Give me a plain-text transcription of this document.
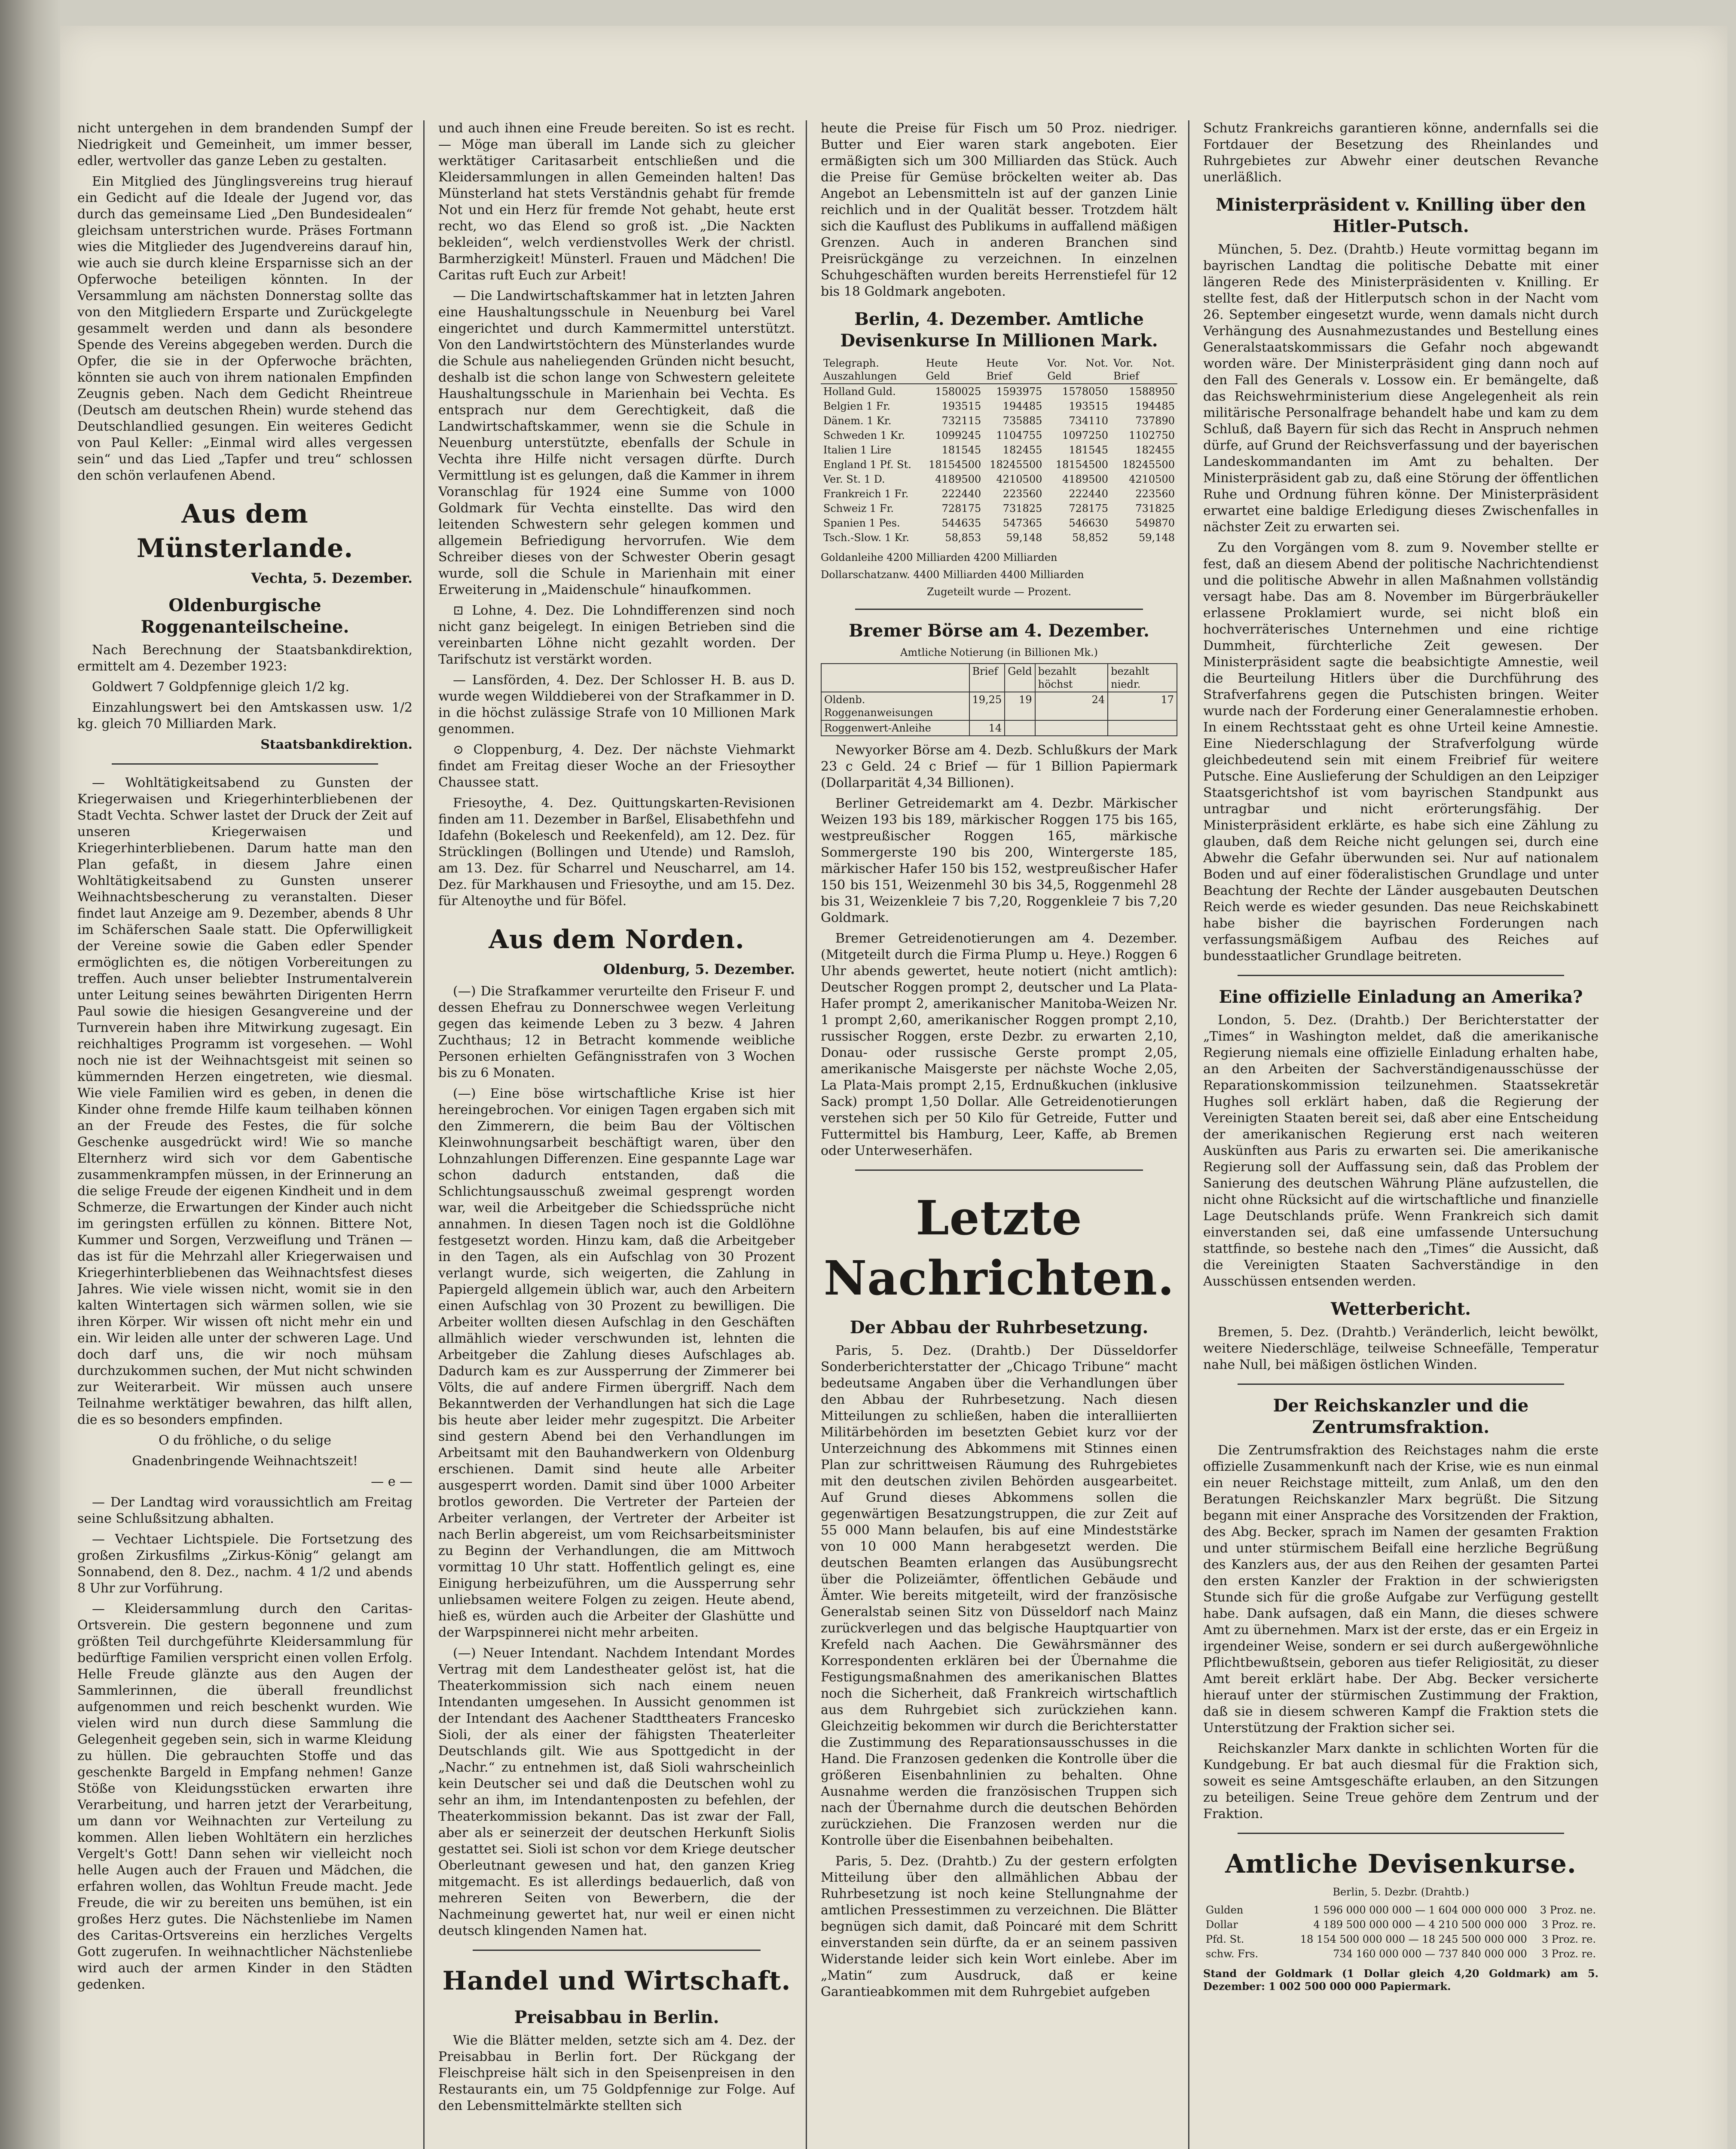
nicht untergehen in dem brandenden Sumpf der Niedrigkeit und Gemeinheit, um immer besser, edler, wertvoller das ganze Leben zu gestalten.

Ein Mitglied des Jünglingsvereins trug hierauf ein Gedicht auf die Ideale der Jugend vor, das durch das gemeinsame Lied „Den Bundesidealen“ gleichsam unterstrichen wurde. Präses Fortmann wies die Mitglieder des Jugendvereins darauf hin, wie auch sie durch kleine Ersparnisse sich an der Opferwoche beteiligen könnten. In der Versammlung am nächsten Donnerstag sollte das von den Mitgliedern Ersparte und Zurückgelegte gesammelt werden und dann als besondere Spende des Vereins abgegeben werden. Durch die Opfer, die sie in der Opferwoche brächten, könnten sie auch von ihrem nationalen Empfinden Zeugnis geben. Nach dem Gedicht Rheintreue (Deutsch am deutschen Rhein) wurde stehend das Deutschlandlied gesungen. Ein weiteres Gedicht von Paul Keller: „Einmal wird alles vergessen sein“ und das Lied „Tapfer und treu“ schlossen den schön verlaufenen Abend.

Aus dem Münsterlande.
Vechta, 5. Dezember.
Oldenburgische Roggenanteilscheine.

Nach Berechnung der Staatsbankdirektion, ermittelt am 4. Dezember 1923:

Goldwert 7 Goldpfennige gleich 1/2 kg.

Einzahlungswert bei den Amtskassen usw. 1/2 kg. gleich 70 Milliarden Mark.

Staatsbankdirektion.

— Wohltätigkeitsabend zu Gunsten der Kriegerwaisen und Kriegerhinterbliebenen der Stadt Vechta. Schwer lastet der Druck der Zeit auf unseren Kriegerwaisen und Kriegerhinterbliebenen. Darum hatte man den Plan gefaßt, in diesem Jahre einen Wohltätigkeitsabend zu Gunsten unserer Weihnachtsbescherung zu veranstalten. Dieser findet laut Anzeige am 9. Dezember, abends 8 Uhr im Schäferschen Saale statt. Die Opferwilligkeit der Vereine sowie die Gaben edler Spender ermöglichten es, die nötigen Vorbereitungen zu treffen. Auch unser beliebter Instrumentalverein unter Leitung seines bewährten Dirigenten Herrn Paul sowie die hiesigen Gesangvereine und der Turnverein haben ihre Mitwirkung zugesagt. Ein reichhaltiges Programm ist vorgesehen. — Wohl noch nie ist der Weihnachtsgeist mit seinen so kümmernden Herzen eingetreten, wie diesmal. Wie viele Familien wird es geben, in denen die Kinder ohne fremde Hilfe kaum teilhaben können an der Freude des Festes, die für solche Geschenke ausgedrückt wird! Wie so manche Elternherz wird sich vor dem Gabentische zusammenkrampfen müssen, in der Erinnerung an die selige Freude der eigenen Kindheit und in dem Schmerze, die Erwartungen der Kinder auch nicht im geringsten erfüllen zu können. Bittere Not, Kummer und Sorgen, Verzweiflung und Tränen — das ist für die Mehrzahl aller Kriegerwaisen und Kriegerhinterbliebenen das Weihnachtsfest dieses Jahres. Wie viele wissen nicht, womit sie in den kalten Wintertagen sich wärmen sollen, wie sie ihren Körper. Wir wissen oft nicht mehr ein und ein. Wir leiden alle unter der schweren Lage. Und doch darf uns, die wir noch mühsam durchzukommen suchen, der Mut nicht schwinden zur Weiterarbeit. Wir müssen auch unsere Teilnahme werktätiger bewahren, das hilft allen, die es so besonders empfinden.

O du fröhliche, o du selige

Gnadenbringende Weihnachtszeit!

— e —

— Der Landtag wird voraussichtlich am Freitag seine Schlußsitzung abhalten.

— Vechtaer Lichtspiele. Die Fortsetzung des großen Zirkusfilms „Zirkus-König“ gelangt am Sonnabend, den 8. Dez., nachm. 4 1/2 und abends 8 Uhr zur Vorführung.

— Kleidersammlung durch den Caritas-Ortsverein. Die gestern begonnene und zum größten Teil durchgeführte Kleidersammlung für bedürftige Familien verspricht einen vollen Erfolg. Helle Freude glänzte aus den Augen der Sammlerinnen, die überall freundlichst aufgenommen und reich beschenkt wurden. Wie vielen wird nun durch diese Sammlung die Gelegenheit gegeben sein, sich in warme Kleidung zu hüllen. Die gebrauchten Stoffe und das geschenkte Bargeld in Empfang nehmen! Ganze Stöße von Kleidungsstücken erwarten ihre Verarbeitung, und harren jetzt der Verarbeitung, um dann vor Weihnachten zur Verteilung zu kommen. Allen lieben Wohltätern ein herzliches Vergelt's Gott! Dann sehen wir vielleicht noch helle Augen auch der Frauen und Mädchen, die erfahren wollen, das Wohltun Freude macht. Jede Freude, die wir zu bereiten uns bemühen, ist ein großes Herz gutes. Die Nächstenliebe im Namen des Caritas-Ortsvereins ein herzliches Vergelts Gott zugerufen. In weihnachtlicher Nächstenliebe wird auch der armen Kinder in den Städten gedenken.

und auch ihnen eine Freude bereiten. So ist es recht. — Möge man überall im Lande sich zu gleicher werktätiger Caritasarbeit entschließen und die Kleidersammlungen in allen Gemeinden halten! Das Münsterland hat stets Verständnis gehabt für fremde Not und ein Herz für fremde Not gehabt, heute erst recht, wo das Elend so groß ist. „Die Nackten bekleiden“, welch verdienstvolles Werk der christl. Barmherzigkeit! Münsterl. Frauen und Mädchen! Die Caritas ruft Euch zur Arbeit!

— Die Landwirtschaftskammer hat in letzten Jahren eine Haushaltungsschule in Neuenburg bei Varel eingerichtet und durch Kammermittel unterstützt. Von den Landwirtstöchtern des Münsterlandes wurde die Schule aus naheliegenden Gründen nicht besucht, deshalb ist die schon lange von Schwestern geleitete Haushaltungsschule in Marienhain bei Vechta. Es entsprach nur dem Gerechtigkeit, daß die Landwirtschaftskammer, wenn sie die Schule in Neuenburg unterstützte, ebenfalls der Schule in Vechta ihre Hilfe nicht versagen dürfte. Durch Vermittlung ist es gelungen, daß die Kammer in ihrem Voranschlag für 1924 eine Summe von 1000 Goldmark für Vechta einstellte. Das wird den leitenden Schwestern sehr gelegen kommen und allgemein Befriedigung hervorrufen. Wie dem Schreiber dieses von der Schwester Oberin gesagt wurde, soll die Schule in Marienhain mit einer Erweiterung in „Maidenschule“ hinaufkommen.

⊡ Lohne, 4. Dez. Die Lohndifferenzen sind noch nicht ganz beigelegt. In einigen Betrieben sind die vereinbarten Löhne nicht gezahlt worden. Der Tarifschutz ist verstärkt worden.

— Lansförden, 4. Dez. Der Schlosser H. B. aus D. wurde wegen Wilddieberei von der Strafkammer in D. in die höchst zulässige Strafe von 10 Millionen Mark genommen.

⊙ Cloppenburg, 4. Dez. Der nächste Viehmarkt findet am Freitag dieser Woche an der Friesoyther Chaussee statt.

Friesoythe, 4. Dez. Quittungskarten-Revisionen finden am 11. Dezember in Barßel, Elisabethfehn und Idafehn (Bokelesch und Reekenfeld), am 12. Dez. für Strücklingen (Bollingen und Utende) und Ramsloh, am 13. Dez. für Scharrel und Neuscharrel, am 14. Dez. für Markhausen und Friesoythe, und am 15. Dez. für Altenoythe und für Böfel.

Aus dem Norden.
Oldenburg, 5. Dezember.

(—) Die Strafkammer verurteilte den Friseur F. und dessen Ehefrau zu Donnerschwee wegen Verleitung gegen das keimende Leben zu 3 bezw. 4 Jahren Zuchthaus; 12 in Betracht kommende weibliche Personen erhielten Gefängnisstrafen von 3 Wochen bis zu 6 Monaten.

(—) Eine böse wirtschaftliche Krise ist hier hereingebrochen. Vor einigen Tagen ergaben sich mit den Zimmerern, die beim Bau der Völtischen Kleinwohnungsarbeit beschäftigt waren, über den Lohnzahlungen Differenzen. Eine gespannte Lage war schon dadurch entstanden, daß die Schlichtungsausschuß zweimal gesprengt worden war, weil die Arbeitgeber die Schiedssprüche nicht annahmen. In diesen Tagen noch ist die Goldlöhne festgesetzt worden. Hinzu kam, daß die Arbeitgeber in den Tagen, als ein Aufschlag von 30 Prozent verlangt wurde, sich weigerten, die Zahlung in Papiergeld allgemein üblich war, auch den Arbeitern einen Aufschlag von 30 Prozent zu bewilligen. Die Arbeiter wollten diesen Aufschlag in den Geschäften allmählich wieder verschwunden ist, lehnten die Arbeitgeber die Zahlung dieses Aufschlages ab. Dadurch kam es zur Aussperrung der Zimmerer bei Völts, die auf andere Firmen übergriff. Nach dem Bekanntwerden der Verhandlungen hat sich die Lage bis heute aber leider mehr zugespitzt. Die Arbeiter sind gestern Abend bei den Verhandlungen im Arbeitsamt mit den Bauhandwerkern von Oldenburg erschienen. Damit sind heute alle Arbeiter ausgesperrt worden. Damit sind über 1000 Arbeiter brotlos geworden. Die Vertreter der Parteien der Arbeiter verlangen, der Vertreter der Arbeiter ist nach Berlin abgereist, um vom Reichsarbeitsminister zu Beginn der Verhandlungen, die am Mittwoch vormittag 10 Uhr statt. Hoffentlich gelingt es, eine Einigung herbeizuführen, um die Aussperrung sehr unliebsamen weitere Folgen zu zeigen. Heute abend, hieß es, würden auch die Arbeiter der Glashütte und der Warpspinnerei nicht mehr arbeiten.

(—) Neuer Intendant. Nachdem Intendant Mordes Vertrag mit dem Landestheater gelöst ist, hat die Theaterkommission sich nach einem neuen Intendanten umgesehen. In Aussicht genommen ist der Intendant des Aachener Stadttheaters Francesko Sioli, der als einer der fähigsten Theaterleiter Deutschlands gilt. Wie aus Spottgedicht in der „Nachr.“ zu entnehmen ist, daß Sioli wahrscheinlich kein Deutscher sei und daß die Deutschen wohl zu sehr an ihm, im Intendantenposten zu befehlen, der Theaterkommission bekannt. Das ist zwar der Fall, aber als er seinerzeit der deutschen Herkunft Siolis gestattet sei. Sioli ist schon vor dem Kriege deutscher Oberleutnant gewesen und hat, den ganzen Krieg mitgemacht. Es ist allerdings bedauerlich, daß von mehreren Seiten von Bewerbern, die der Nachmeinung gewertet hat, nur weil er einen nicht deutsch klingenden Namen hat.

Handel und Wirtschaft.
Preisabbau in Berlin.

Wie die Blätter melden, setzte sich am 4. Dez. der Preisabbau in Berlin fort. Der Rückgang der Fleischpreise hält sich in den Speisenpreisen in den Restaurants ein, um 75 Goldpfennige zur Folge. Auf den Lebensmittelmärkte stellten sich

heute die Preise für Fisch um 50 Proz. niedriger. Butter und Eier waren stark angeboten. Eier ermäßigten sich um 300 Milliarden das Stück. Auch die Preise für Gemüse bröckelten weiter ab. Das Angebot an Lebensmitteln ist auf der ganzen Linie reichlich und in der Qualität besser. Trotzdem hält sich die Kauflust des Publikums in auffallend mäßigen Grenzen. Auch in anderen Branchen sind Preisrückgänge zu verzeichnen. In einzelnen Schuhgeschäften wurden bereits Herrenstiefel für 12 bis 18 Goldmark angeboten.

Berlin, 4. Dezember. Amtliche Devisenkurse In Millionen Mark.
Telegraph. Auszahlungen	Heute Geld	Heute Brief	Vor. Not. Geld	Vor. Not. Brief
Holland Guld.	1580025	1593975	1578050	1588950
Belgien 1 Fr.	193515	194485	193515	194485
Dänem. 1 Kr.	732115	735885	734110	737890
Schweden 1 Kr.	1099245	1104755	1097250	1102750
Italien 1 Lire	181545	182455	181545	182455
England 1 Pf. St.	18154500	18245500	18154500	18245500
Ver. St. 1 D.	4189500	4210500	4189500	4210500
Frankreich 1 Fr.	222440	223560	222440	223560
Schweiz 1 Fr.	728175	731825	728175	731825
Spanien 1 Pes.	544635	547365	546630	549870
Tsch.-Slow. 1 Kr.	58,853	59,148	58,852	59,148

Goldanleihe 4200 Milliarden 4200 Milliarden

Dollarschatzanw. 4400 Milliarden 4400 Milliarden

Zugeteilt wurde — Prozent.

Bremer Börse am 4. Dezember.

Amtliche Notierung (in Billionen Mk.)

	Brief	Geld	bezahlt höchst	bezahlt niedr.
Oldenb. Roggenanweisungen	19,25	19	24	17
Roggenwert-Anleihe	14			

Newyorker Börse am 4. Dezb. Schlußkurs der Mark 23 c Geld. 24 c Brief — für 1 Billion Papiermark (Dollarparität 4,34 Billionen).

Berliner Getreidemarkt am 4. Dezbr. Märkischer Weizen 193 bis 189, märkischer Roggen 175 bis 165, westpreußischer Roggen 165, märkische Sommergerste 190 bis 200, Wintergerste 185, märkischer Hafer 150 bis 152, westpreußischer Hafer 150 bis 151, Weizenmehl 30 bis 34,5, Roggenmehl 28 bis 31, Weizenkleie 7 bis 7,20, Roggenkleie 7 bis 7,20 Goldmark.

Bremer Getreidenotierungen am 4. Dezember. (Mitgeteilt durch die Firma Plump u. Heye.) Roggen 6 Uhr abends gewertet, heute notiert (nicht amtlich): Deutscher Roggen prompt 2, deutscher und La Plata-Hafer prompt 2, amerikanischer Manitoba-Weizen Nr. 1 prompt 2,60, amerikanischer Roggen prompt 2,10, russischer Roggen, erste Dezbr. zu erwarten 2,10, Donau- oder russische Gerste prompt 2,05, amerikanische Maisgerste per nächste Woche 2,05, La Plata-Mais prompt 2,15, Erdnußkuchen (inklusive Sack) prompt 1,50 Dollar. Alle Getreidenotierungen verstehen sich per 50 Kilo für Getreide, Futter und Futtermittel bis Hamburg, Leer, Kaffe, ab Bremen oder Unterweserhäfen.

Letzte Nachrichten.
Der Abbau der Ruhrbesetzung.

Paris, 5. Dez. (Drahtb.) Der Düsseldorfer Sonderberichterstatter der „Chicago Tribune“ macht bedeutsame Angaben über die Verhandlungen über den Abbau der Ruhrbesetzung. Nach diesen Mitteilungen zu schließen, haben die interalliierten Militärbehörden im besetzten Gebiet kurz vor der Unterzeichnung des Abkommens mit Stinnes einen Plan zur schrittweisen Räumung des Ruhrgebietes mit den deutschen zivilen Behörden ausgearbeitet. Auf Grund dieses Abkommens sollen die gegenwärtigen Besatzungstruppen, die zur Zeit auf 55 000 Mann belaufen, bis auf eine Mindeststärke von 10 000 Mann herabgesetzt werden. Die deutschen Beamten erlangen das Ausübungsrecht über die Polizeiämter, öffentlichen Gebäude und Ämter. Wie bereits mitgeteilt, wird der französische Generalstab seinen Sitz von Düsseldorf nach Mainz zurückverlegen und das belgische Hauptquartier von Krefeld nach Aachen. Die Gewährsmänner des Korrespondenten erklären bei der Übernahme die Festigungsmaßnahmen des amerikanischen Blattes noch die Sicherheit, daß Frankreich wirtschaftlich aus dem Ruhrgebiet sich zurückziehen kann. Gleichzeitig bekommen wir durch die Berichterstatter die Zustimmung des Reparationsausschusses in die Hand. Die Franzosen gedenken die Kontrolle über die größeren Eisenbahnlinien zu behalten. Ohne Ausnahme werden die französischen Truppen sich nach der Übernahme durch die deutschen Behörden zurückziehen. Die Franzosen werden nur die Kontrolle über die Eisenbahnen beibehalten.

Paris, 5. Dez. (Drahtb.) Zu der gestern erfolgten Mitteilung über den allmählichen Abbau der Ruhrbesetzung ist noch keine Stellungnahme der amtlichen Pressestimmen zu verzeichnen. Die Blätter begnügen sich damit, daß Poincaré mit dem Schritt einverstanden sein dürfte, da er an seinem passiven Widerstande leider sich kein Wort einlebe. Aber im „Matin“ zum Ausdruck, daß er keine Garantieabkommen mit dem Ruhrgebiet aufgeben

Schutz Frankreichs garantieren könne, andernfalls sei die Fortdauer der Besetzung des Rheinlandes und Ruhrgebietes zur Abwehr einer deutschen Revanche unerläßlich.

Ministerpräsident v. Knilling über den Hitler-Putsch.

München, 5. Dez. (Drahtb.) Heute vormittag begann im bayrischen Landtag die politische Debatte mit einer längeren Rede des Ministerpräsidenten v. Knilling. Er stellte fest, daß der Hitlerputsch schon in der Nacht vom 26. September eingesetzt wurde, wenn damals nicht durch Verhängung des Ausnahmezustandes und Bestellung eines Generalstaatskommissars die Gefahr noch abgewandt worden wäre. Der Ministerpräsident ging dann noch auf den Fall des Generals v. Lossow ein. Er bemängelte, daß das Reichswehrministerium diese Angelegenheit als rein militärische Personalfrage behandelt habe und kam zu dem Schluß, daß Bayern für sich das Recht in Anspruch nehmen dürfe, auf Grund der Reichsverfassung und der bayerischen Landeskommandanten im Amt zu behalten. Der Ministerpräsident gab zu, daß eine Störung der öffentlichen Ruhe und Ordnung führen könne. Der Ministerpräsident erwartet eine baldige Erledigung dieses Zwischenfalles in nächster Zeit zu erwarten sei.

Zu den Vorgängen vom 8. zum 9. November stellte er fest, daß an diesem Abend der politische Nachrichtendienst und die politische Abwehr in allen Maßnahmen vollständig versagt habe. Das am 8. November im Bürgerbräukeller erlassene Proklamiert wurde, sei nicht bloß ein hochverräterisches Unternehmen und eine richtige Dummheit, fürchterliche Zeit gewesen. Der Ministerpräsident sagte die beabsichtigte Amnestie, weil die Beurteilung Hitlers über die Durchführung des Strafverfahrens gegen die Putschisten bringen. Weiter wurde nach der Forderung einer Generalamnestie erhoben. In einem Rechtsstaat geht es ohne Urteil keine Amnestie. Eine Niederschlagung der Strafverfolgung würde gleichbedeutend sein mit einem Freibrief für weitere Putsche. Eine Auslieferung der Schuldigen an den Leipziger Staatsgerichtshof ist vom bayrischen Standpunkt aus untragbar und nicht erörterungsfähig. Der Ministerpräsident erklärte, es habe sich eine Zählung zu glauben, daß dem Reiche nicht gelungen sei, durch eine Abwehr die Gefahr überwunden sei. Nur auf nationalem Boden und auf einer föderalistischen Grundlage und unter Beachtung der Rechte der Länder ausgebauten Deutschen Reich werde es wieder gesunden. Das neue Reichskabinett habe bisher die bayrischen Forderungen nach verfassungsmäßigem Aufbau des Reiches auf bundesstaatlicher Grundlage beitreten.

Eine offizielle Einladung an Amerika?

London, 5. Dez. (Drahtb.) Der Berichterstatter der „Times“ in Washington meldet, daß die amerikanische Regierung niemals eine offizielle Einladung erhalten habe, an den Arbeiten der Sachverständigenausschüsse der Reparationskommission teilzunehmen. Staatssekretär Hughes soll erklärt haben, daß die Regierung der Vereinigten Staaten bereit sei, daß aber eine Entscheidung der amerikanischen Regierung erst nach weiteren Auskünften aus Paris zu erwarten sei. Die amerikanische Regierung soll der Auffassung sein, daß das Problem der Sanierung des deutschen Währung Pläne aufzustellen, die nicht ohne Rücksicht auf die wirtschaftliche und finanzielle Lage Deutschlands prüfe. Wenn Frankreich sich damit einverstanden sei, daß eine umfassende Untersuchung stattfinde, so bestehe nach den „Times“ die Aussicht, daß die Vereinigten Staaten Sachverständige in den Ausschüssen entsenden werden.

Wetterbericht.

Bremen, 5. Dez. (Drahtb.) Veränderlich, leicht bewölkt, weitere Niederschläge, teilweise Schneefälle, Temperatur nahe Null, bei mäßigen östlichen Winden.

Der Reichskanzler und die Zentrumsfraktion.

Die Zentrumsfraktion des Reichstages nahm die erste offizielle Zusammenkunft nach der Krise, wie es nun einmal ein neuer Reichstage mitteilt, zum Anlaß, um den den Beratungen Reichskanzler Marx begrüßt. Die Sitzung begann mit einer Ansprache des Vorsitzenden der Fraktion, des Abg. Becker, sprach im Namen der gesamten Fraktion und unter stürmischem Beifall eine herzliche Begrüßung des Kanzlers aus, der aus den Reihen der gesamten Partei den ersten Kanzler der Fraktion in der schwierigsten Stunde sich für die große Aufgabe zur Verfügung gestellt habe. Dank aufsagen, daß ein Mann, die dieses schwere Amt zu übernehmen. Marx ist der erste, das er ein Ergeiz in irgendeiner Weise, sondern er sei durch außergewöhnliche Pflichtbewußtsein, geboren aus tiefer Religiosität, zu dieser Amt bereit erklärt habe. Der Abg. Becker versicherte hierauf unter der stürmischen Zustimmung der Fraktion, daß sie in diesem schweren Kampf die Fraktion stets die Unterstützung der Fraktion sicher sei.

Reichskanzler Marx dankte in schlichten Worten für die Kundgebung. Er bat auch diesmal für die Fraktion sich, soweit es seine Amtsgeschäfte erlauben, an den Sitzungen zu beteiligen. Seine Treue gehöre dem Zentrum und der Fraktion.

Amtliche Devisenkurse.

Berlin, 5. Dezbr. (Drahtb.)

Gulden	1 596 000 000 000 — 1 604 000 000 000	3 Proz. ne.
Dollar	4 189 500 000 000 — 4 210 500 000 000	3 Proz. re.
Pfd. St.	18 154 500 000 000 — 18 245 500 000 000	3 Proz. re.
schw. Frs.	734 160 000 000 — 737 840 000 000	3 Proz. re.

Stand der Goldmark (1 Dollar gleich 4,20 Goldmark) am 5. Dezember: 1 002 500 000 000 Papiermark.
